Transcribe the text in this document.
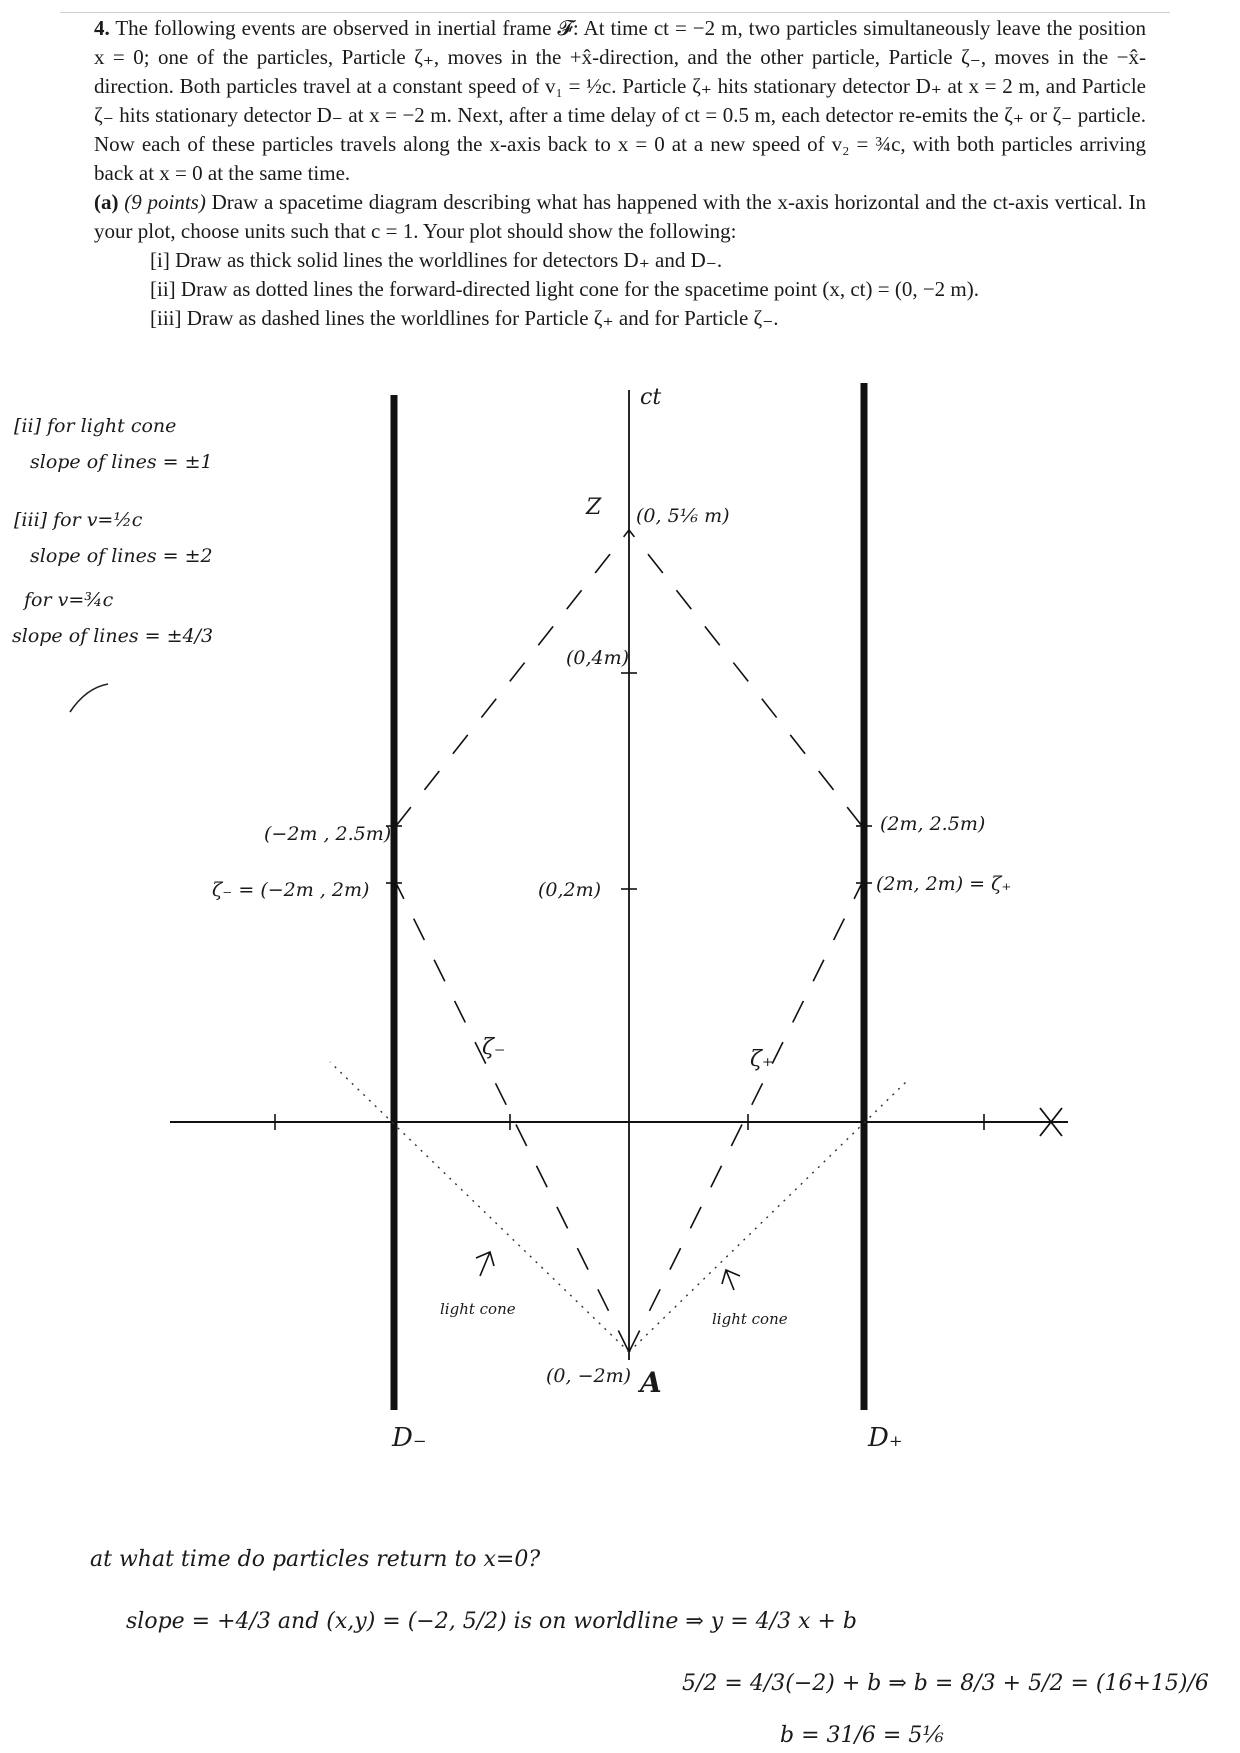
4. The following events are observed in inertial frame 𝓕: At time ct = −2 m, two particles simultaneously leave the position x = 0; one of the particles, Particle ζ₊, moves in the +x̂-direction, and the other particle, Particle ζ₋, moves in the −x̂-direction. Both particles travel at a constant speed of v₁ = ½c. Particle ζ₊ hits stationary detector D₊ at x = 2 m, and Particle ζ₋ hits stationary detector D₋ at x = −2 m. Next, after a time delay of ct = 0.5 m, each detector re-emits the ζ₊ or ζ₋ particle. Now each of these particles travels along the x-axis back to x = 0 at a new speed of v₂ = ¾c, with both particles arriving back at x = 0 at the same time.

(a) (9 points) Draw a spacetime diagram describing what has happened with the x-axis horizontal and the ct-axis vertical. In your plot, choose units such that c = 1. Your plot should show the following:

[i] Draw as thick solid lines the worldlines for detectors D₊ and D₋.
[ii] Draw as dotted lines the forward-directed light cone for the spacetime point (x, ct) = (0, −2 m).
[iii] Draw as dashed lines the worldlines for Particle ζ₊ and for Particle ζ₋.
[ii] for light cone
slope of lines = ±1
[iii] for v=½c
slope of lines = ±2
for v=¾c
slope of lines = ±4/3
ct
D₋	D₊
(0, 5⅙ m)
Z
(0,4m)
(0,2m)
(−2m , 2.5m)
ζ₋ = (−2m , 2m)
(2m, 2.5m)
(2m, 2m) = ζ₊
ζ₋	ζ₊
(0, −2m) A
light cone
light cone
at what time do particles return to x=0?
slope = +4/3 and (x,y) = (−2, 5/2) is on worldline ⇒ y = 4/3 x + b
5/2 = 4/3(−2) + b ⇒ b = 8/3 + 5/2 = (16+15)/6
b = 31/6 = 5⅙
